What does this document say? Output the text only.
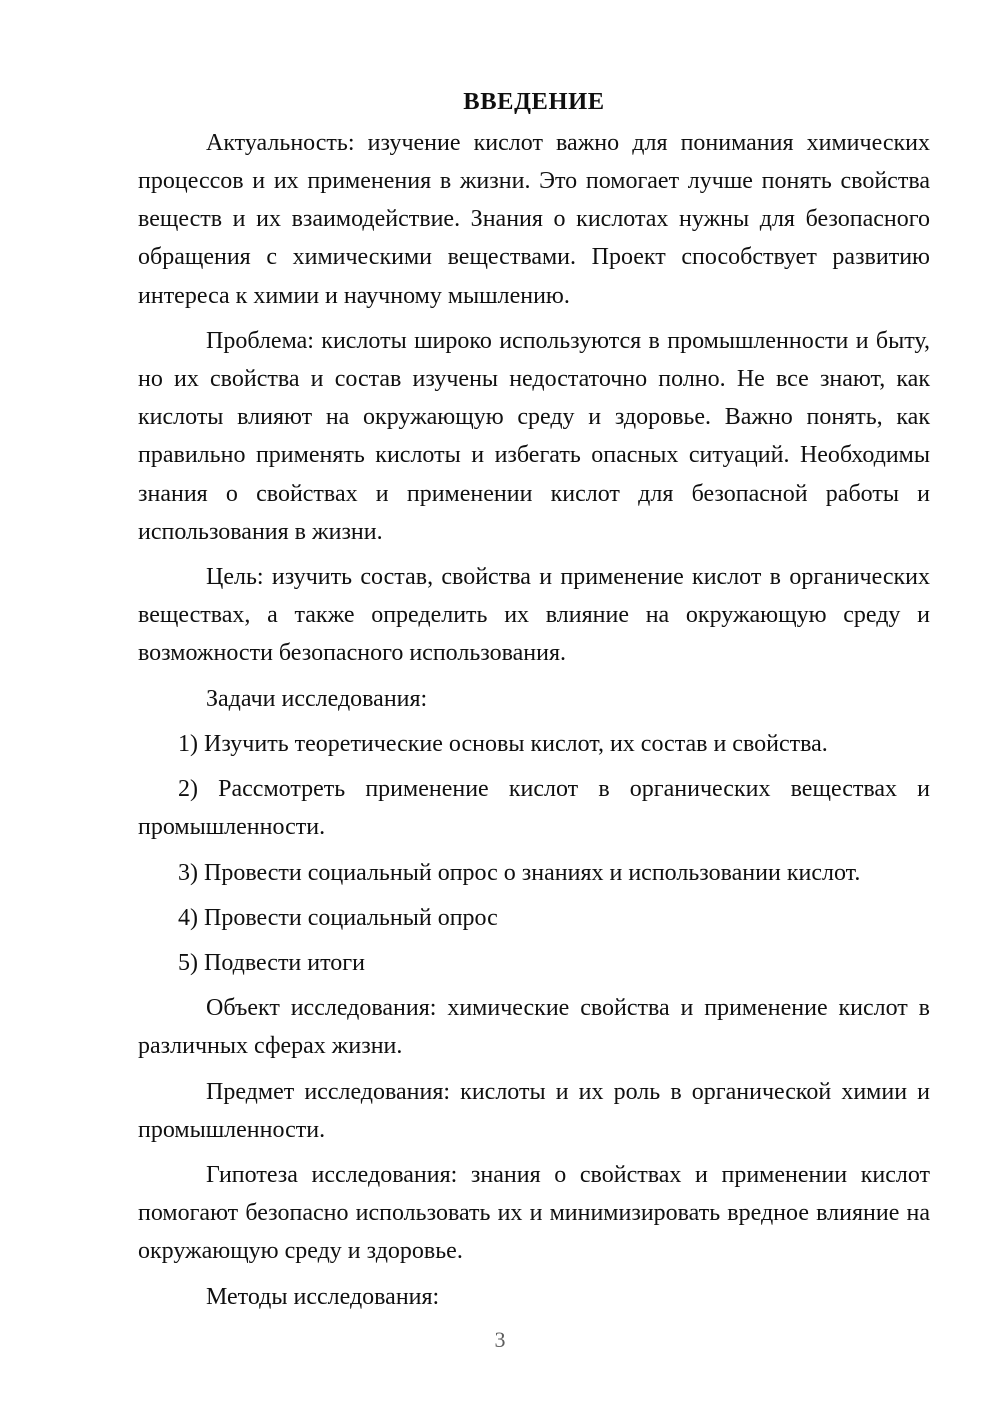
ВВЕДЕНИЕ

Актуальность: изучение кислот важно для понимания химических процессов и их применения в жизни. Это помогает лучше понять свойства веществ и их взаимодействие. Знания о кислотах нужны для безопасного обращения с химическими веществами. Проект способствует развитию интереса к химии и научному мышлению.

Проблема: кислоты широко используются в промышленности и быту, но их свойства и состав изучены недостаточно полно. Не все знают, как кислоты влияют на окружающую среду и здоровье. Важно понять, как правильно применять кислоты и избегать опасных ситуаций. Необходимы знания о свойствах и применении кислот для безопасной работы и использования в жизни.

Цель: изучить состав, свойства и применение кислот в органических веществах, а также определить их влияние на окружающую среду и возможности безопасного использования.

Задачи исследования:

1) Изучить теоретические основы кислот, их состав и свойства.

2) Рассмотреть применение кислот в органических веществах и промышленности.

3) Провести социальный опрос о знаниях и использовании кислот.

4) Провести социальный опрос

5) Подвести итоги

Объект исследования: химические свойства и применение кислот в различных сферах жизни.

Предмет исследования: кислоты и их роль в органической химии и промышленности.

Гипотеза исследования: знания о свойствах и применении кислот помогают безопасно использовать их и минимизировать вредное влияние на окружающую среду и здоровье.

Методы исследования:

3
